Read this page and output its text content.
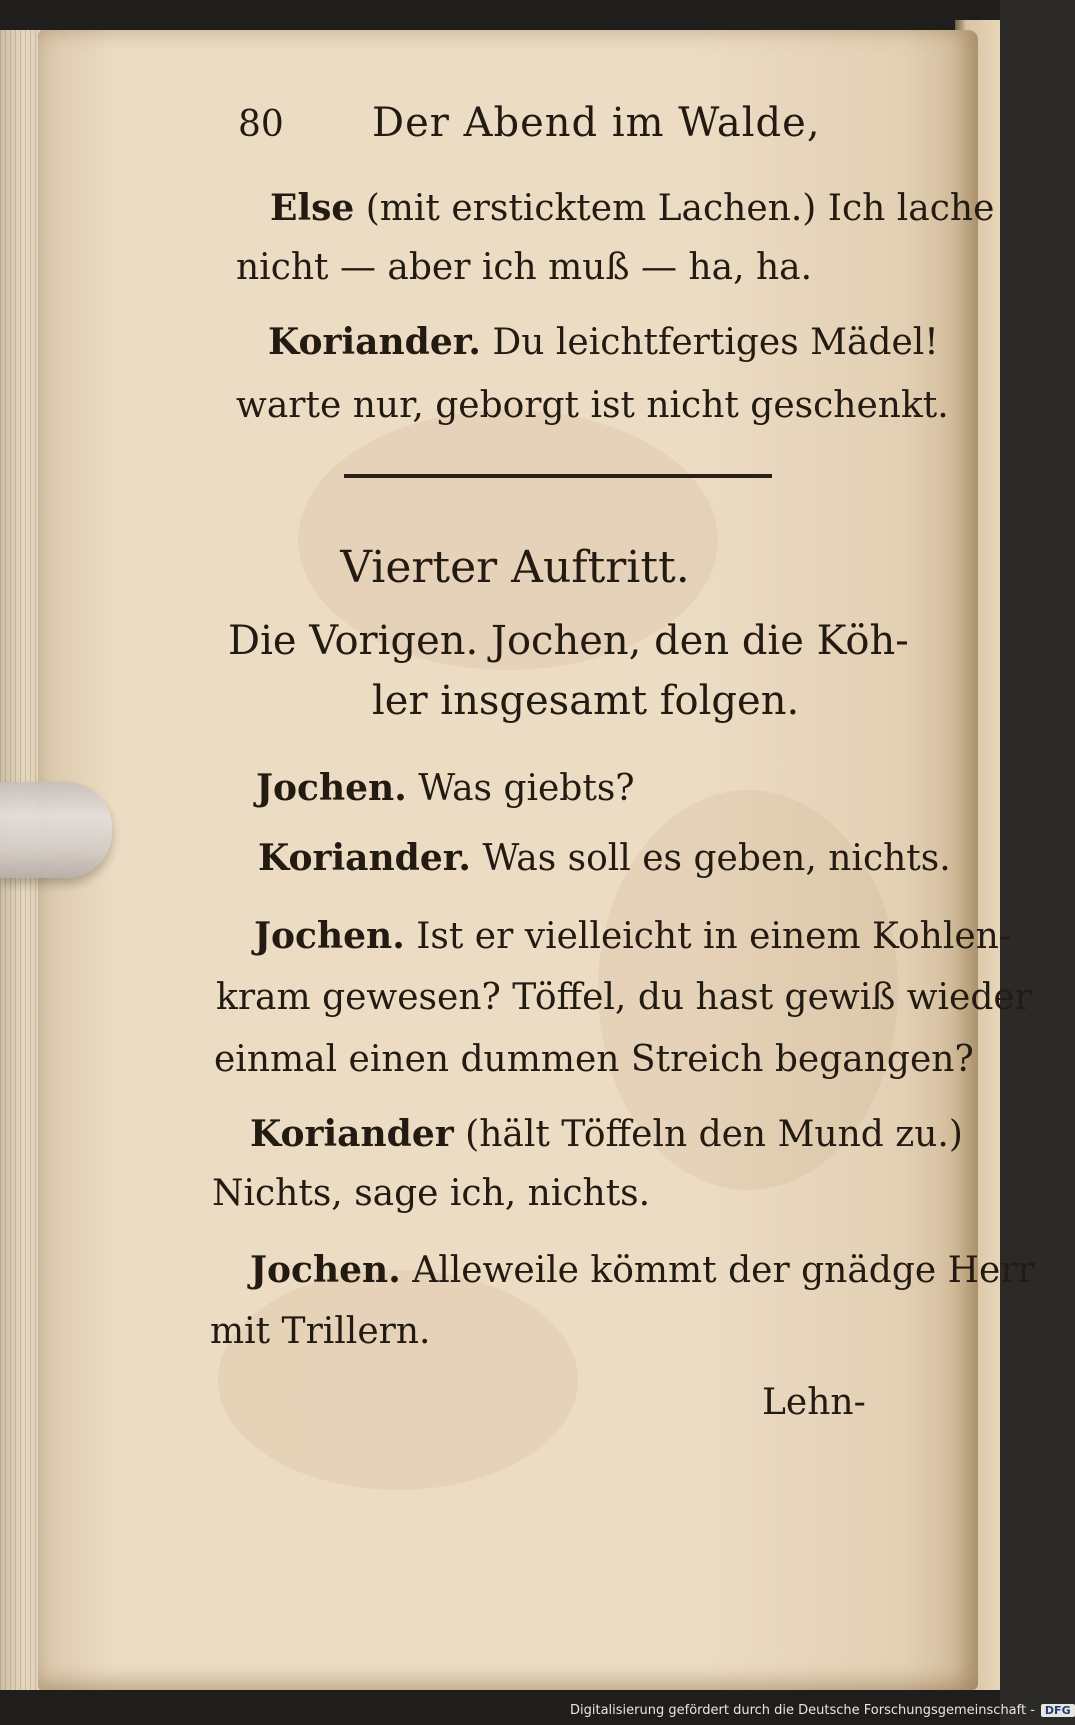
80 Der Abend im Walde,
Else (mit ersticktem Lachen.) Ich lache
nicht — aber ich muß — ha, ha.
Koriander. Du leichtfertiges Mädel!
warte nur, geborgt ist nicht geschenkt.
Vierter Auftritt.
Die Vorigen. Jochen, den die Köh-
ler insgesamt folgen.
Jochen. Was giebts?
Koriander. Was soll es geben, nichts.
Jochen. Ist er vielleicht in einem Kohlen-
kram gewesen? Töffel, du hast gewiß wieder
einmal einen dummen Streich begangen?
Koriander (hält Töffeln den Mund zu.)
Nichts, sage ich, nichts.
Jochen. Alleweile kömmt der gnädge Herr
mit Trillern.
Lehn-
Digitalisierung gefördert durch die Deutsche Forschungsgemeinschaft - DFG
